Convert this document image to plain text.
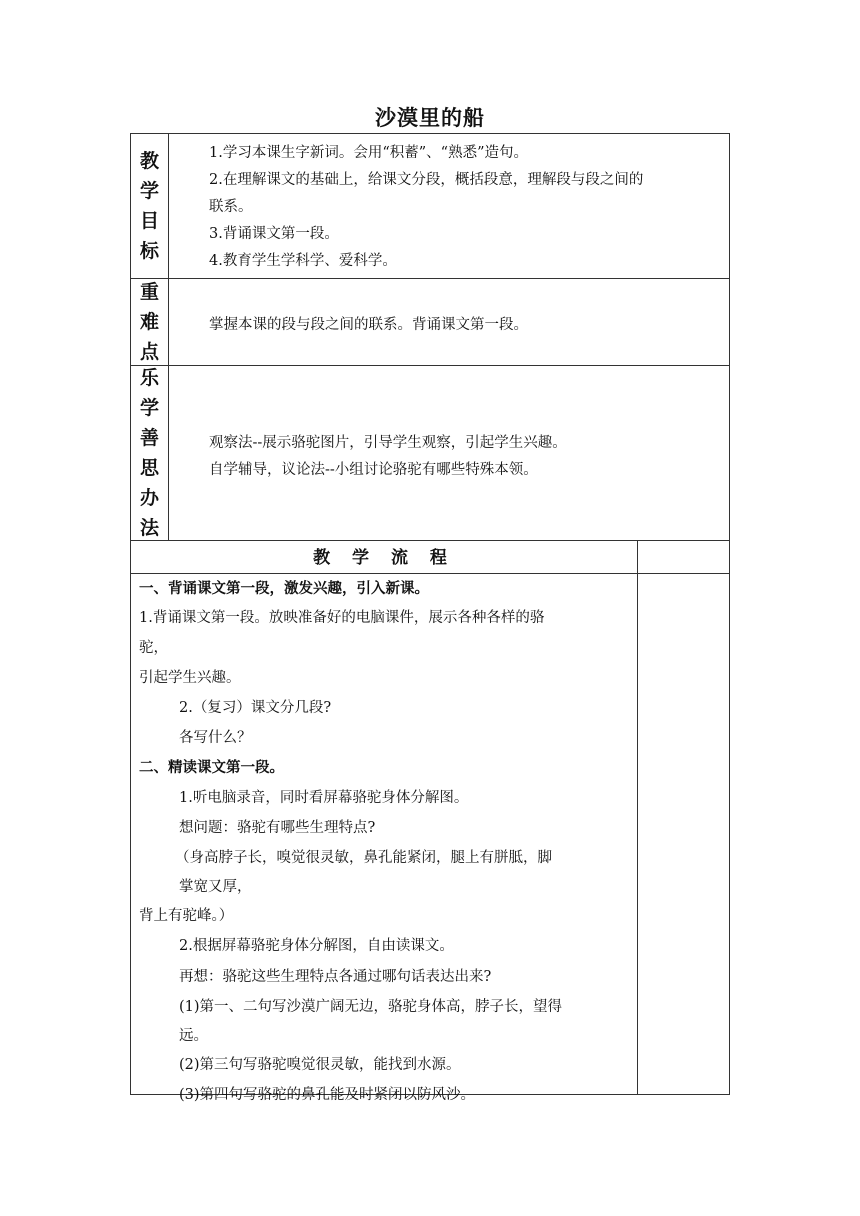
沙漠里的船
教
学
目
标

1.学习本课生字新词。会用“积蓄”、“熟悉”造句。

2.在理解课文的基础上，给课文分段，概括段意，理解段与段之间的

联系。

3.背诵课文第一段。

4.教育学生学科学、爱科学。

重
难
点

掌握本课的段与段之间的联系。背诵课文第一段。

乐
学
善
思
办
法

观察法--展示骆驼图片，引导学生观察，引起学生兴趣。

自学辅导，议论法--小组讨论骆驼有哪些特殊本领。

教 学 流 程

一、背诵课文第一段，激发兴趣，引入新课。

1.背诵课文第一段。放映准备好的电脑课件，展示各种各样的骆

驼，

引起学生兴趣。

2.（复习）课文分几段?

各写什么？

二、精读课文第一段。

1.听电脑录音，同时看屏幕骆驼身体分解图。

想问题：骆驼有哪些生理特点?

（身高脖子长，嗅觉很灵敏，鼻孔能紧闭，腿上有胼胝，脚

掌宽又厚，

背上有驼峰。）

2.根据屏幕骆驼身体分解图，自由读课文。

再想：骆驼这些生理特点各通过哪句话表达出来?

(1)第一、二句写沙漠广阔无边，骆驼身体高，脖子长，望得

远。

(2)第三句写骆驼嗅觉很灵敏，能找到水源。

(3)第四句写骆驼的鼻孔能及时紧闭以防风沙。
